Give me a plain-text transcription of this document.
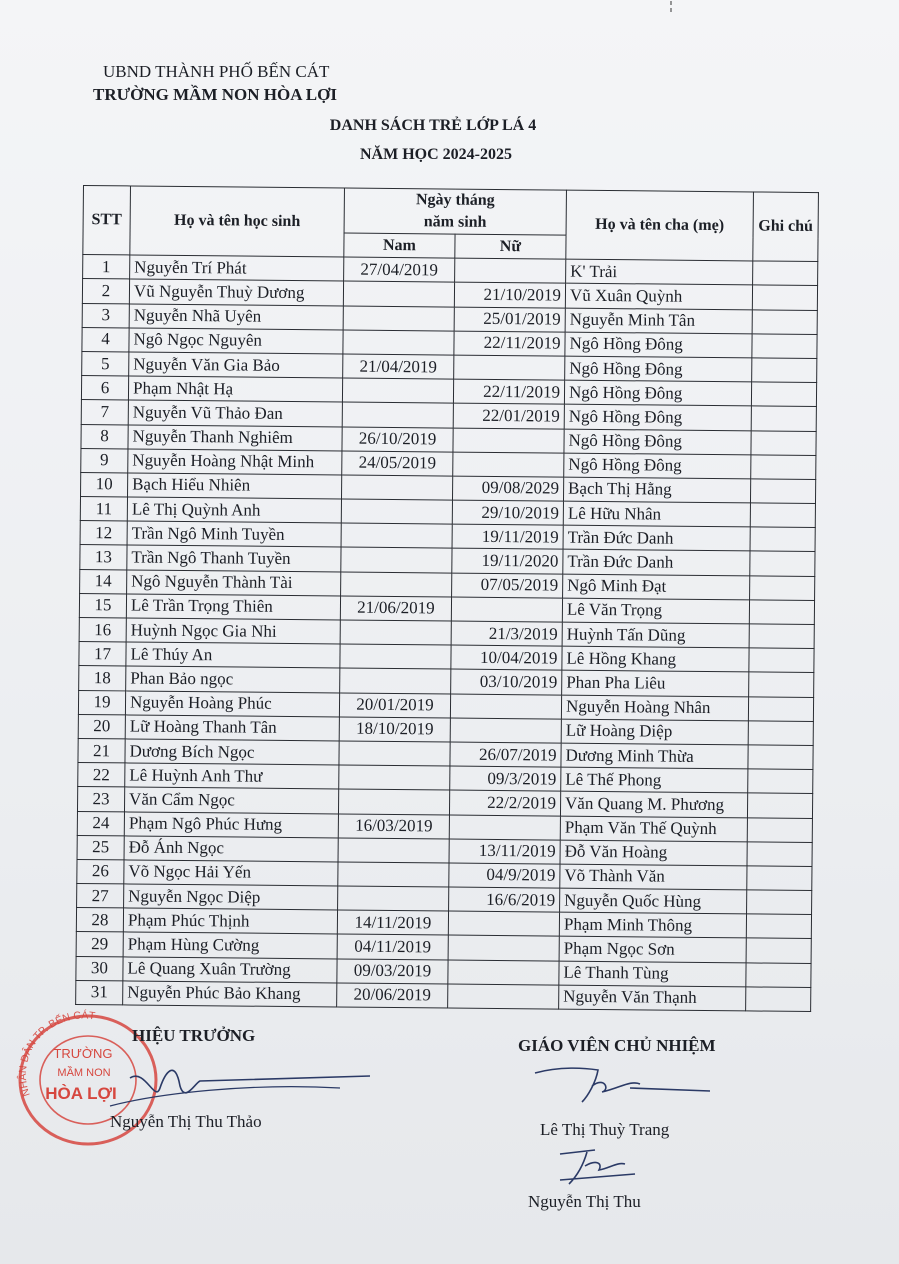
UBND THÀNH PHỐ BẾN CÁT
TRƯỜNG MẦM NON HÒA LỢI
DANH SÁCH TRẺ LỚP LÁ 4
NĂM HỌC 2024-2025
STT	Họ và tên học sinh	Ngày tháng
năm sinh		Họ và tên cha (mẹ)	Ghi chú
		Nam	Nữ		
1	Nguyễn Trí Phát	27/04/2019		K' Trải	
2	Vũ Nguyễn Thuỳ Dương		21/10/2019	Vũ Xuân Quỳnh	
3	Nguyễn Nhã Uyên		25/01/2019	Nguyễn Minh Tân	
4	Ngô Ngọc Nguyên		22/11/2019	Ngô Hồng Đông	
5	Nguyễn Văn Gia Bảo	21/04/2019		Ngô Hồng Đông	
6	Phạm Nhật Hạ		22/11/2019	Ngô Hồng Đông	
7	Nguyễn Vũ Thảo Đan		22/01/2019	Ngô Hồng Đông	
8	Nguyễn Thanh Nghiêm	26/10/2019		Ngô Hồng Đông	
9	Nguyễn Hoàng Nhật Minh	24/05/2019		Ngô Hồng Đông	
10	Bạch Hiểu Nhiên		09/08/2029	Bạch Thị Hằng	
11	Lê Thị Quỳnh Anh		29/10/2019	Lê Hữu Nhân	
12	Trần Ngô Minh Tuyền		19/11/2019	Trần Đức Danh	
13	Trần Ngô Thanh Tuyền		19/11/2020	Trần Đức Danh	
14	Ngô Nguyễn Thành Tài		07/05/2019	Ngô Minh Đạt	
15	Lê Trần Trọng Thiên	21/06/2019		Lê Văn Trọng	
16	Huỳnh Ngọc Gia Nhi		21/3/2019	Huỳnh Tấn Dũng	
17	Lê Thúy An		10/04/2019	Lê Hồng Khang	
18	Phan Bảo ngọc		03/10/2019	Phan Pha Liêu	
19	Nguyễn Hoàng Phúc	20/01/2019		Nguyễn Hoàng Nhân	
20	Lữ Hoàng Thanh Tân	18/10/2019		Lữ Hoàng Diệp	
21	Dương Bích Ngọc		26/07/2019	Dương Minh Thừa	
22	Lê Huỳnh Anh Thư		09/3/2019	Lê Thế Phong	
23	Văn Cẩm Ngọc		22/2/2019	Văn Quang M. Phương	
24	Phạm Ngô Phúc Hưng	16/03/2019		Phạm Văn Thế Quỳnh	
25	Đỗ Ánh Ngọc		13/11/2019	Đỗ Văn Hoàng	
26	Võ Ngọc Hải Yến		04/9/2019	Võ Thành Văn	
27	Nguyễn Ngọc Diệp		16/6/2019	Nguyễn Quốc Hùng	
28	Phạm Phúc Thịnh	14/11/2019		Phạm Minh Thông	
29	Phạm Hùng Cường	04/11/2019		Phạm Ngọc Sơn	
30	Lê Quang Xuân Trường	09/03/2019		Lê Thanh Tùng	
31	Nguyễn Phúc Bảo Khang	20/06/2019		Nguyễn Văn Thạnh	
NHÂN DÂN TP. BẾN CÁT
TRƯỜNG
MẦM NON
HÒA LỢI
HIỆU TRƯỞNG
Nguyễn Thị Thu Thảo
GIÁO VIÊN CHỦ NHIỆM
Lê Thị Thuỳ Trang
Nguyễn Thị Thu
